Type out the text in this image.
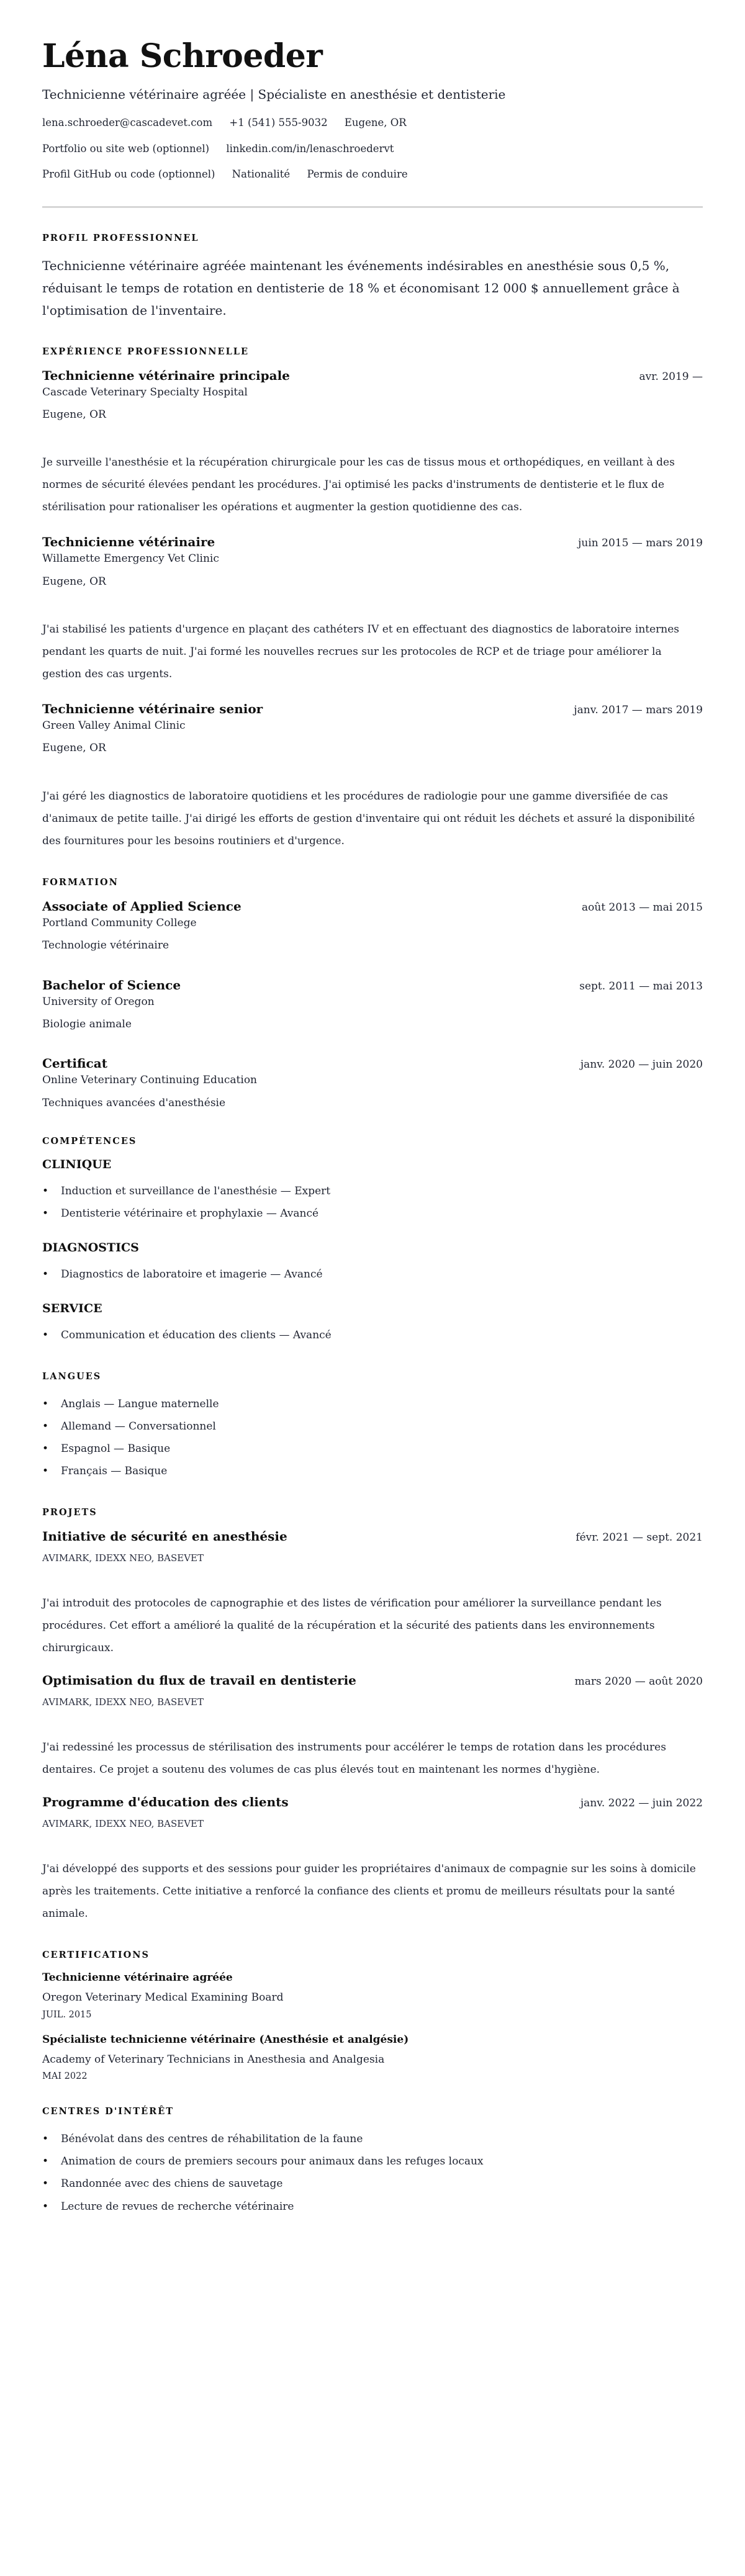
Léna Schroeder
Technicienne vétérinaire agréée | Spécialiste en anesthésie et dentisterie
lena.schroeder@cascadevet.com +1 (541) 555-9032 Eugene, OR
Portfolio ou site web (optionnel) linkedin.com/in/lenaschroedervt
Profil GitHub ou code (optionnel) Nationalité Permis de conduire
PROFIL PROFESSIONNEL

Technicienne vétérinaire agréée maintenant les événements indésirables en anesthésie sous 0,5 %, réduisant le temps de rotation en dentisterie de 18 % et économisant 12 000 $ annuellement grâce à l'optimisation de l'inventaire.

EXPÉRIENCE PROFESSIONNELLE
Technicienne vétérinaire principale	avr. 2019 —
Cascade Veterinary Specialty Hospital
Eugene, OR

Je surveille l'anesthésie et la récupération chirurgicale pour les cas de tissus mous et orthopédiques, en veillant à des normes de sécurité élevées pendant les procédures. J'ai optimisé les packs d'instruments de dentisterie et le flux de stérilisation pour rationaliser les opérations et augmenter la gestion quotidienne des cas.

Technicienne vétérinaire	juin 2015 — mars 2019
Willamette Emergency Vet Clinic
Eugene, OR

J'ai stabilisé les patients d'urgence en plaçant des cathéters IV et en effectuant des diagnostics de laboratoire internes pendant les quarts de nuit. J'ai formé les nouvelles recrues sur les protocoles de RCP et de triage pour améliorer la gestion des cas urgents.

Technicienne vétérinaire senior	janv. 2017 — mars 2019
Green Valley Animal Clinic
Eugene, OR

J'ai géré les diagnostics de laboratoire quotidiens et les procédures de radiologie pour une gamme diversifiée de cas d'animaux de petite taille. J'ai dirigé les efforts de gestion d'inventaire qui ont réduit les déchets et assuré la disponibilité des fournitures pour les besoins routiniers et d'urgence.

FORMATION
Associate of Applied Science	août 2013 — mai 2015
Portland Community College
Technologie vétérinaire
Bachelor of Science	sept. 2011 — mai 2013
University of Oregon
Biologie animale
Certificat	janv. 2020 — juin 2020
Online Veterinary Continuing Education
Techniques avancées d'anesthésie
COMPÉTENCES
CLINIQUE
• Induction et surveillance de l'anesthésie — Expert
• Dentisterie vétérinaire et prophylaxie — Avancé
DIAGNOSTICS
• Diagnostics de laboratoire et imagerie — Avancé
SERVICE
• Communication et éducation des clients — Avancé
LANGUES
• Anglais — Langue maternelle
• Allemand — Conversationnel
• Espagnol — Basique
• Français — Basique
PROJETS
Initiative de sécurité en anesthésie	févr. 2021 — sept. 2021
AVIMARK, IDEXX NEO, BASEVET

J'ai introduit des protocoles de capnographie et des listes de vérification pour améliorer la surveillance pendant les procédures. Cet effort a amélioré la qualité de la récupération et la sécurité des patients dans les environnements chirurgicaux.

Optimisation du flux de travail en dentisterie	mars 2020 — août 2020
AVIMARK, IDEXX NEO, BASEVET

J'ai redessiné les processus de stérilisation des instruments pour accélérer le temps de rotation dans les procédures dentaires. Ce projet a soutenu des volumes de cas plus élevés tout en maintenant les normes d'hygiène.

Programme d'éducation des clients	janv. 2022 — juin 2022
AVIMARK, IDEXX NEO, BASEVET

J'ai développé des supports et des sessions pour guider les propriétaires d'animaux de compagnie sur les soins à domicile après les traitements. Cette initiative a renforcé la confiance des clients et promu de meilleurs résultats pour la santé animale.

CERTIFICATIONS
Technicienne vétérinaire agréée
Oregon Veterinary Medical Examining Board
JUIL. 2015
Spécialiste technicienne vétérinaire (Anesthésie et analgésie)
Academy of Veterinary Technicians in Anesthesia and Analgesia
MAI 2022
CENTRES D'INTÉRÊT
• Bénévolat dans des centres de réhabilitation de la faune
• Animation de cours de premiers secours pour animaux dans les refuges locaux
• Randonnée avec des chiens de sauvetage
• Lecture de revues de recherche vétérinaire
